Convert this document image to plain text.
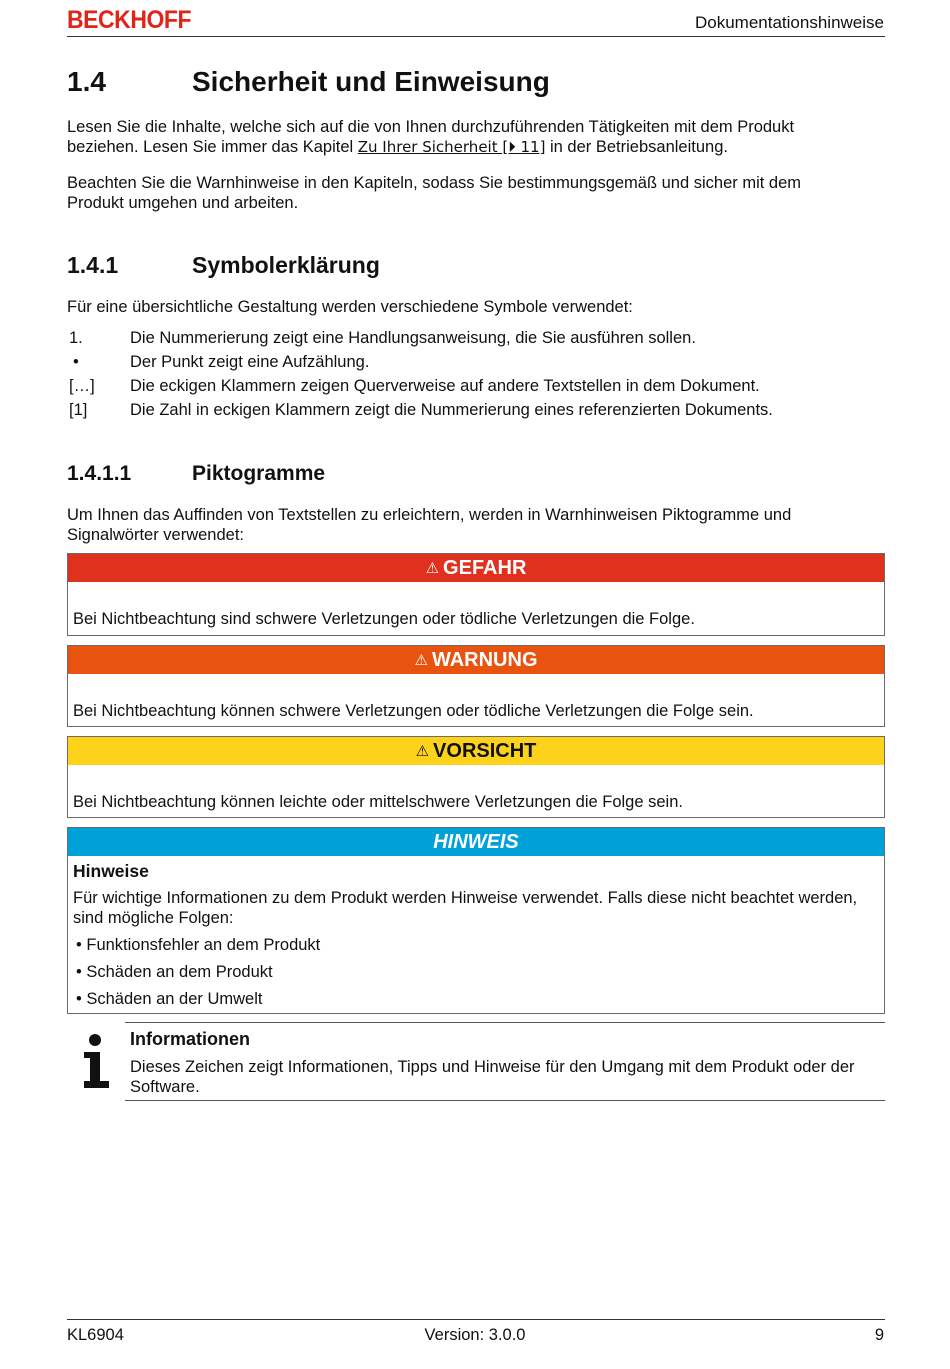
BECKHOFF	Dokumentationshinweise
1.4	Sicherheit und Einweisung
Lesen Sie die Inhalte, welche sich auf die von Ihnen durchzuführenden Tätigkeiten mit dem Produkt beziehen. Lesen Sie immer das Kapitel Zu Ihrer Sicherheit [⏵ 11] in der Betriebsanleitung.
Beachten Sie die Warnhinweise in den Kapiteln, sodass Sie bestimmungsgemäß und sicher mit dem Produkt umgehen und arbeiten.
1.4.1	Symbolerklärung
Für eine übersichtliche Gestaltung werden verschiedene Symbole verwendet:
1.	Die Nummerierung zeigt eine Handlungsanweisung, die Sie ausführen sollen.
•	Der Punkt zeigt eine Aufzählung.
[…] Die eckigen Klammern zeigen Querverweise auf andere Textstellen in dem Dokument.
[1]	Die Zahl in eckigen Klammern zeigt die Nummerierung eines referenzierten Dokuments.
1.4.1.1	Piktogramme
Um Ihnen das Auffinden von Textstellen zu erleichtern, werden in Warnhinweisen Piktogramme und Signalwörter verwendet:
⚠ GEFAHR
Bei Nichtbeachtung sind schwere Verletzungen oder tödliche Verletzungen die Folge.
⚠ WARNUNG
Bei Nichtbeachtung können schwere Verletzungen oder tödliche Verletzungen die Folge sein.
⚠ VORSICHT
Bei Nichtbeachtung können leichte oder mittelschwere Verletzungen die Folge sein.
HINWEIS
Hinweise
Für wichtige Informationen zu dem Produkt werden Hinweise verwendet. Falls diese nicht beachtet werden, sind mögliche Folgen:
• Funktionsfehler an dem Produkt
• Schäden an dem Produkt
• Schäden an der Umwelt
Informationen
Dieses Zeichen zeigt Informationen, Tipps und Hinweise für den Umgang mit dem Produkt oder der Software.
KL6904	Version: 3.0.0	9
